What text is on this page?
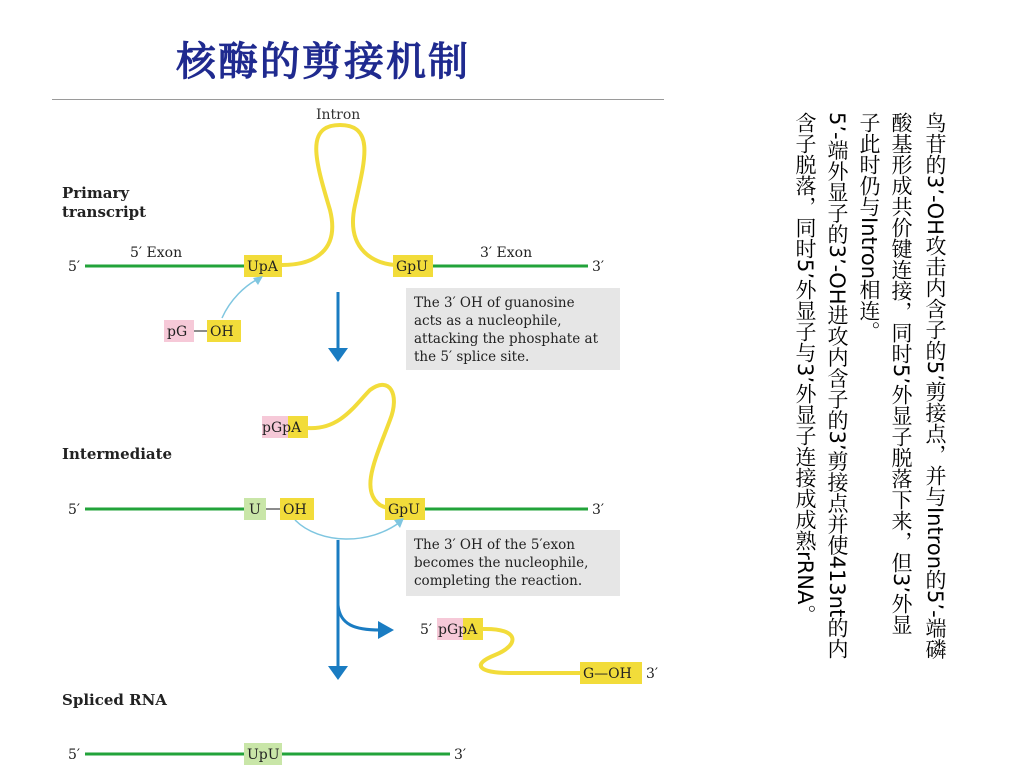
核酶的剪接机制
Intron
Primary
transcript
5′ Exon	3′ Exon
5′	UpA	GpU	3′
pG OH
The 3′ OH of guanosine
acts as a nucleophile,
attacking the phosphate at
the 5′ splice site.
pGpA
Intermediate
5′	U OH	GpU	3′
The 3′ OH of the 5′exon
becomes the nucleophile,
completing the reaction.
5′ pGpA
G—OH 3′
Spliced RNA
5′	UpU	3′
鸟苷的3’-OH攻击内含子的5’剪接点，并与Intron的5’-端磷
酸基形成共价键连接，同时5’外显子脱落下来，但3’外显
子此时仍与Intron相连。
5’-端外显子的3’-OH进攻内含子的3’剪接点并使413nt的内
含子脱落，同时5’外显子与3’外显子连接成成熟rRNA。
